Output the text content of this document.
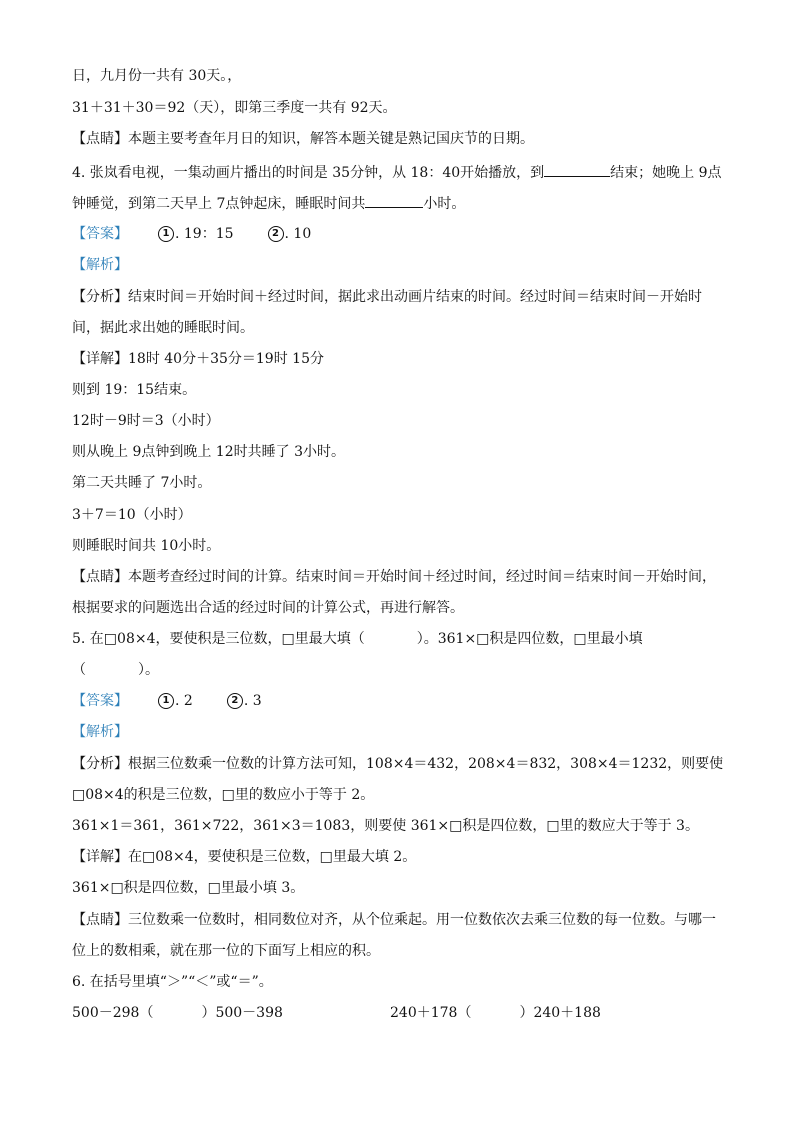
日，九月份一共有 30天。，
31＋31＋30＝92（天），即第三季度一共有 92天。
【点睛】本题主要考查年月日的知识，解答本题关键是熟记国庆节的日期。
4. 张岚看电视，一集动画片播出的时间是 35分钟，从 18：40开始播放，到	结束；她晚上 9点
钟睡觉，到第二天早上 7点钟起床，睡眠时间共	小时。
【答案】	1 . 19：15	2 . 10
【解析】
【分析】结束时间＝开始时间＋经过时间，据此求出动画片结束的时间。经过时间＝结束时间－开始时
间，据此求出她的睡眠时间。
【详解】18时 40分＋35分＝19时 15分
则到 19：15结束。
12时－9时＝3（小时）
则从晚上 9点钟到晚上 12时共睡了 3小时。
第二天共睡了 7小时。
3＋7＝10（小时）
则睡眠时间共 10小时。
【点睛】本题考查经过时间的计算。结束时间＝开始时间＋经过时间，经过时间＝结束时间－开始时间，
根据要求的问题选出合适的经过时间的计算公式，再进行解答。
5. 在□08×4，要使积是三位数，□里最大填（	）。361×□积是四位数，□里最小填
（	）。
【答案】	1 . 2	2 . 3
【解析】
【分析】根据三位数乘一位数的计算方法可知，108×4＝432，208×4＝832，308×4＝1232，则要使
□08×4的积是三位数，□里的数应小于等于 2。
361×1＝361，361×722，361×3＝1083，则要使 361×□积是四位数，□里的数应大于等于 3。
【详解】在□08×4，要使积是三位数，□里最大填 2。
361×□积是四位数，□里最小填 3。
【点睛】三位数乘一位数时，相同数位对齐，从个位乘起。用一位数依次去乘三位数的每一位数。与哪一
位上的数相乘，就在那一位的下面写上相应的积。
6. 在括号里填“＞”“＜”或“＝”。
500－298（	）500－398	240＋178（	）240＋188
